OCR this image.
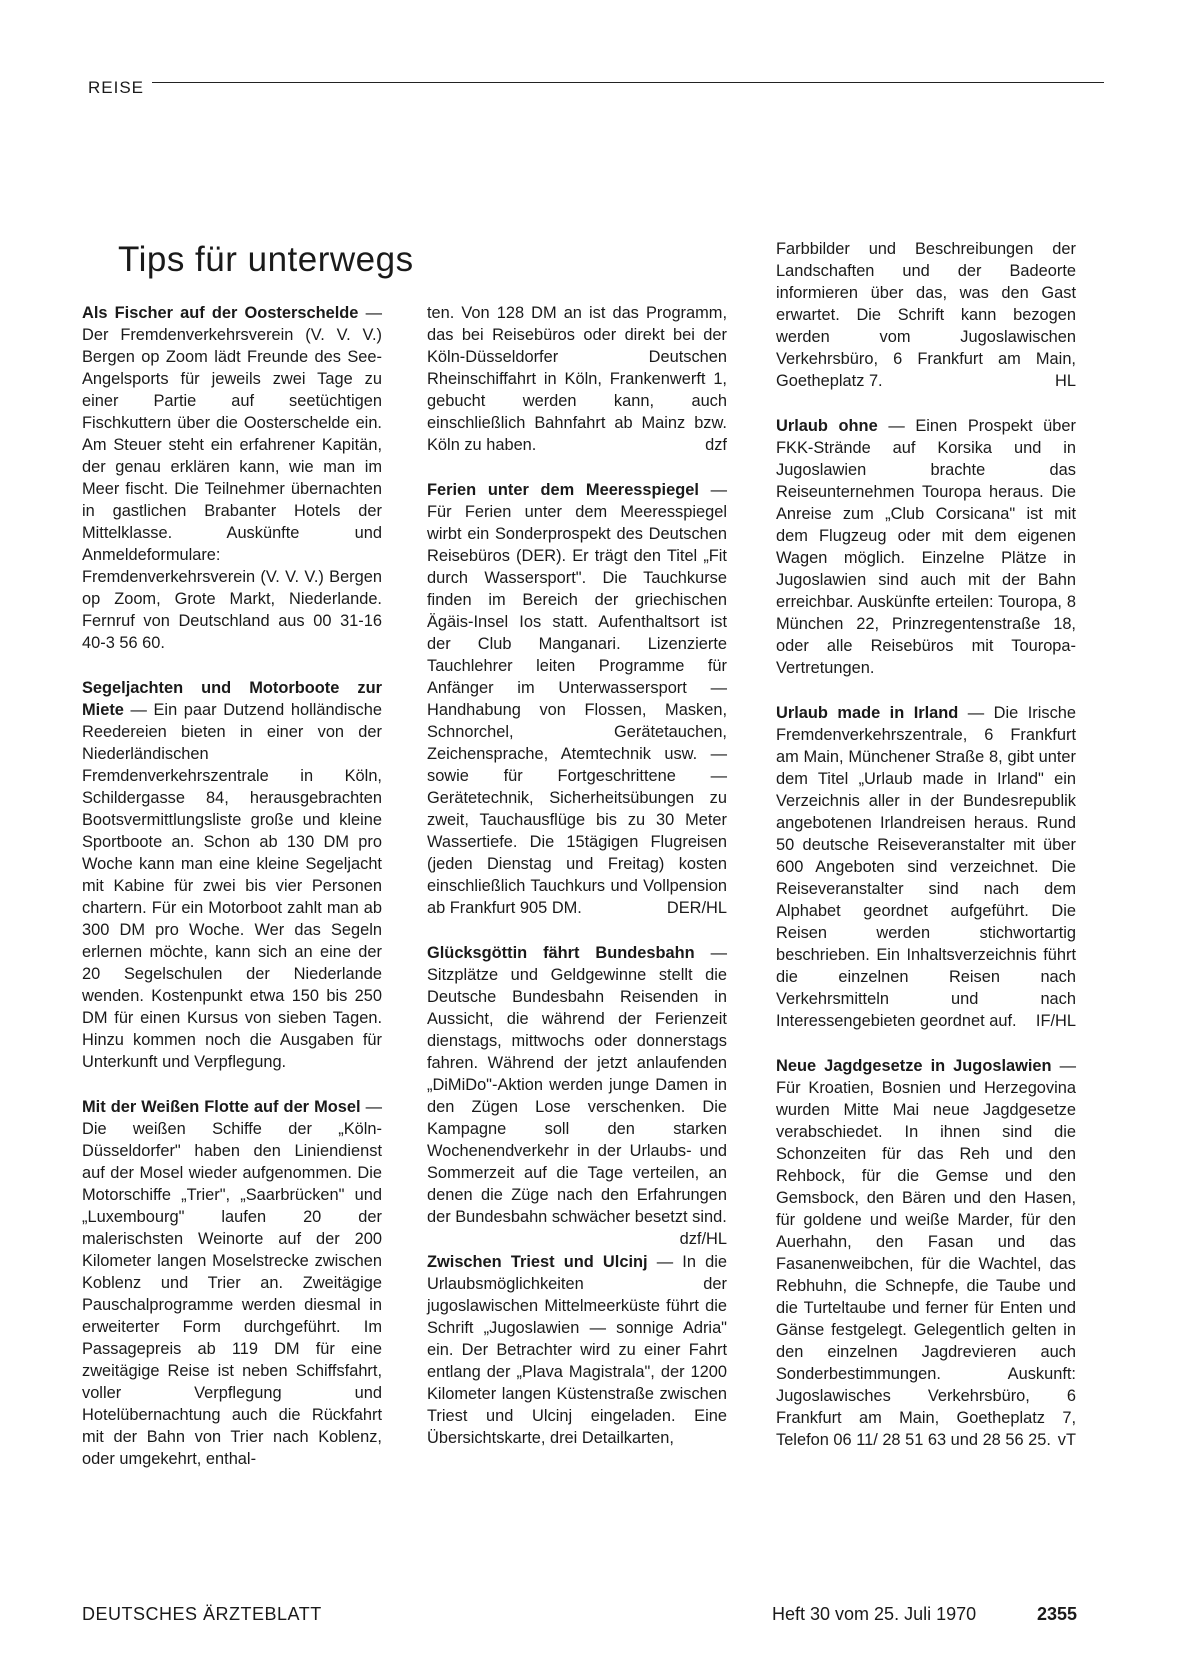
REISE
Tips für unterwegs

Als Fischer auf der Oosterschelde — Der Fremdenverkehrsverein (V. V. V.) Bergen op Zoom lädt Freunde des See-Angelsports für jeweils zwei Tage zu einer Partie auf seetüchtigen Fischkuttern über die Oosterschelde ein. Am Steuer steht ein erfahrener Kapitän, der genau erklären kann, wie man im Meer fischt. Die Teilnehmer übernachten in gastlichen Brabanter Hotels der Mittelklasse. Auskünfte und Anmeldeformulare: Fremdenverkehrsverein (V. V. V.) Bergen op Zoom, Grote Markt, Niederlande. Fernruf von Deutschland aus 00 31-16 40-3 56 60.

Segeljachten und Motorboote zur Miete — Ein paar Dutzend holländische Reedereien bieten in einer von der Niederländischen Fremdenverkehrszentrale in Köln, Schildergasse 84, herausgebrachten Bootsvermittlungsliste große und kleine Sportboote an. Schon ab 130 DM pro Woche kann man eine kleine Segeljacht mit Kabine für zwei bis vier Personen chartern. Für ein Motorboot zahlt man ab 300 DM pro Woche. Wer das Segeln erlernen möchte, kann sich an eine der 20 Segelschulen der Niederlande wenden. Kostenpunkt etwa 150 bis 250 DM für einen Kursus von sieben Tagen. Hinzu kommen noch die Ausgaben für Unterkunft und Verpflegung.

Mit der Weißen Flotte auf der Mosel — Die weißen Schiffe der „Köln-Düsseldorfer" haben den Liniendienst auf der Mosel wieder aufgenommen. Die Motorschiffe „Trier", „Saarbrücken" und „Luxembourg" laufen 20 der malerischsten Weinorte auf der 200 Kilometer langen Moselstrecke zwischen Koblenz und Trier an. Zweitägige Pauschalprogramme werden diesmal in erweiterter Form durchgeführt. Im Passagepreis ab 119 DM für eine zweitägige Reise ist neben Schiffsfahrt, voller Verpflegung und Hotelübernachtung auch die Rückfahrt mit der Bahn von Trier nach Koblenz, oder umgekehrt, enthal-

ten. Von 128 DM an ist das Programm, das bei Reisebüros oder direkt bei der Köln-Düsseldorfer Deutschen Rheinschiffahrt in Köln, Frankenwerft 1, gebucht werden kann, auch einschließlich Bahnfahrt ab Mainz bzw. Köln zu haben.	dzf

Ferien unter dem Meeresspiegel — Für Ferien unter dem Meeresspiegel wirbt ein Sonderprospekt des Deutschen Reisebüros (DER). Er trägt den Titel „Fit durch Wassersport". Die Tauchkurse finden im Bereich der griechischen Ägäis-Insel Ios statt. Aufenthaltsort ist der Club Manganari. Lizenzierte Tauchlehrer leiten Programme für Anfänger im Unterwassersport — Handhabung von Flossen, Masken, Schnorchel, Gerätetauchen, Zeichensprache, Atemtechnik usw. — sowie für Fortgeschrittene — Gerätetechnik, Sicherheitsübungen zu zweit, Tauchausflüge bis zu 30 Meter Wassertiefe. Die 15tägigen Flugreisen (jeden Dienstag und Freitag) kosten einschließlich Tauchkurs und Vollpension ab Frankfurt 905 DM.	DER/HL

Glücksgöttin fährt Bundesbahn — Sitzplätze und Geldgewinne stellt die Deutsche Bundesbahn Reisenden in Aussicht, die während der Ferienzeit dienstags, mittwochs oder donnerstags fahren. Während der jetzt anlaufenden „DiMiDo"-Aktion werden junge Damen in den Zügen Lose verschenken. Die Kampagne soll den starken Wochenendverkehr in der Urlaubs- und Sommerzeit auf die Tage verteilen, an denen die Züge nach den Erfahrungen der Bundesbahn schwächer besetzt sind.
dzf/HL

Zwischen Triest und Ulcinj — In die Urlaubsmöglichkeiten der jugoslawischen Mittelmeerküste führt die Schrift „Jugoslawien — sonnige Adria" ein. Der Betrachter wird zu einer Fahrt entlang der „Plava Magistrala", der 1200 Kilometer langen Küstenstraße zwischen Triest und Ulcinj eingeladen. Eine Übersichtskarte, drei Detailkarten,

Farbbilder und Beschreibungen der Landschaften und der Badeorte informieren über das, was den Gast erwartet. Die Schrift kann bezogen werden vom Jugoslawischen Verkehrsbüro, 6 Frankfurt am Main, Goetheplatz 7.	HL

Urlaub ohne — Einen Prospekt über FKK-Strände auf Korsika und in Jugoslawien brachte das Reiseunternehmen Touropa heraus. Die Anreise zum „Club Corsicana" ist mit dem Flugzeug oder mit dem eigenen Wagen möglich. Einzelne Plätze in Jugoslawien sind auch mit der Bahn erreichbar. Auskünfte erteilen: Touropa, 8 München 22, Prinzregentenstraße 18, oder alle Reisebüros mit Touropa-Vertretungen.

Urlaub made in Irland — Die Irische Fremdenverkehrszentrale, 6 Frankfurt am Main, Münchener Straße 8, gibt unter dem Titel „Urlaub made in Irland" ein Verzeichnis aller in der Bundesrepublik angebotenen Irlandreisen heraus. Rund 50 deutsche Reiseveranstalter mit über 600 Angeboten sind verzeichnet. Die Reiseveranstalter sind nach dem Alphabet geordnet aufgeführt. Die Reisen werden stichwortartig beschrieben. Ein Inhaltsverzeichnis führt die einzelnen Reisen nach Verkehrsmitteln und nach Interessengebieten geordnet auf. IF/HL

Neue Jagdgesetze in Jugoslawien — Für Kroatien, Bosnien und Herzegovina wurden Mitte Mai neue Jagdgesetze verabschiedet. In ihnen sind die Schonzeiten für das Reh und den Rehbock, für die Gemse und den Gemsbock, den Bären und den Hasen, für goldene und weiße Marder, für den Auerhahn, den Fasan und das Fasanenweibchen, für die Wachtel, das Rebhuhn, die Schnepfe, die Taube und die Turteltaube und ferner für Enten und Gänse festgelegt. Gelegentlich gelten in den einzelnen Jagdrevieren auch Sonderbestimmungen. Auskunft: Jugoslawisches Verkehrsbüro, 6 Frankfurt am Main, Goetheplatz 7, Telefon 06 11/ 28 51 63 und 28 56 25. vT

DEUTSCHES ÄRZTEBLATT	Heft 30 vom 25. Juli 1970	2355
